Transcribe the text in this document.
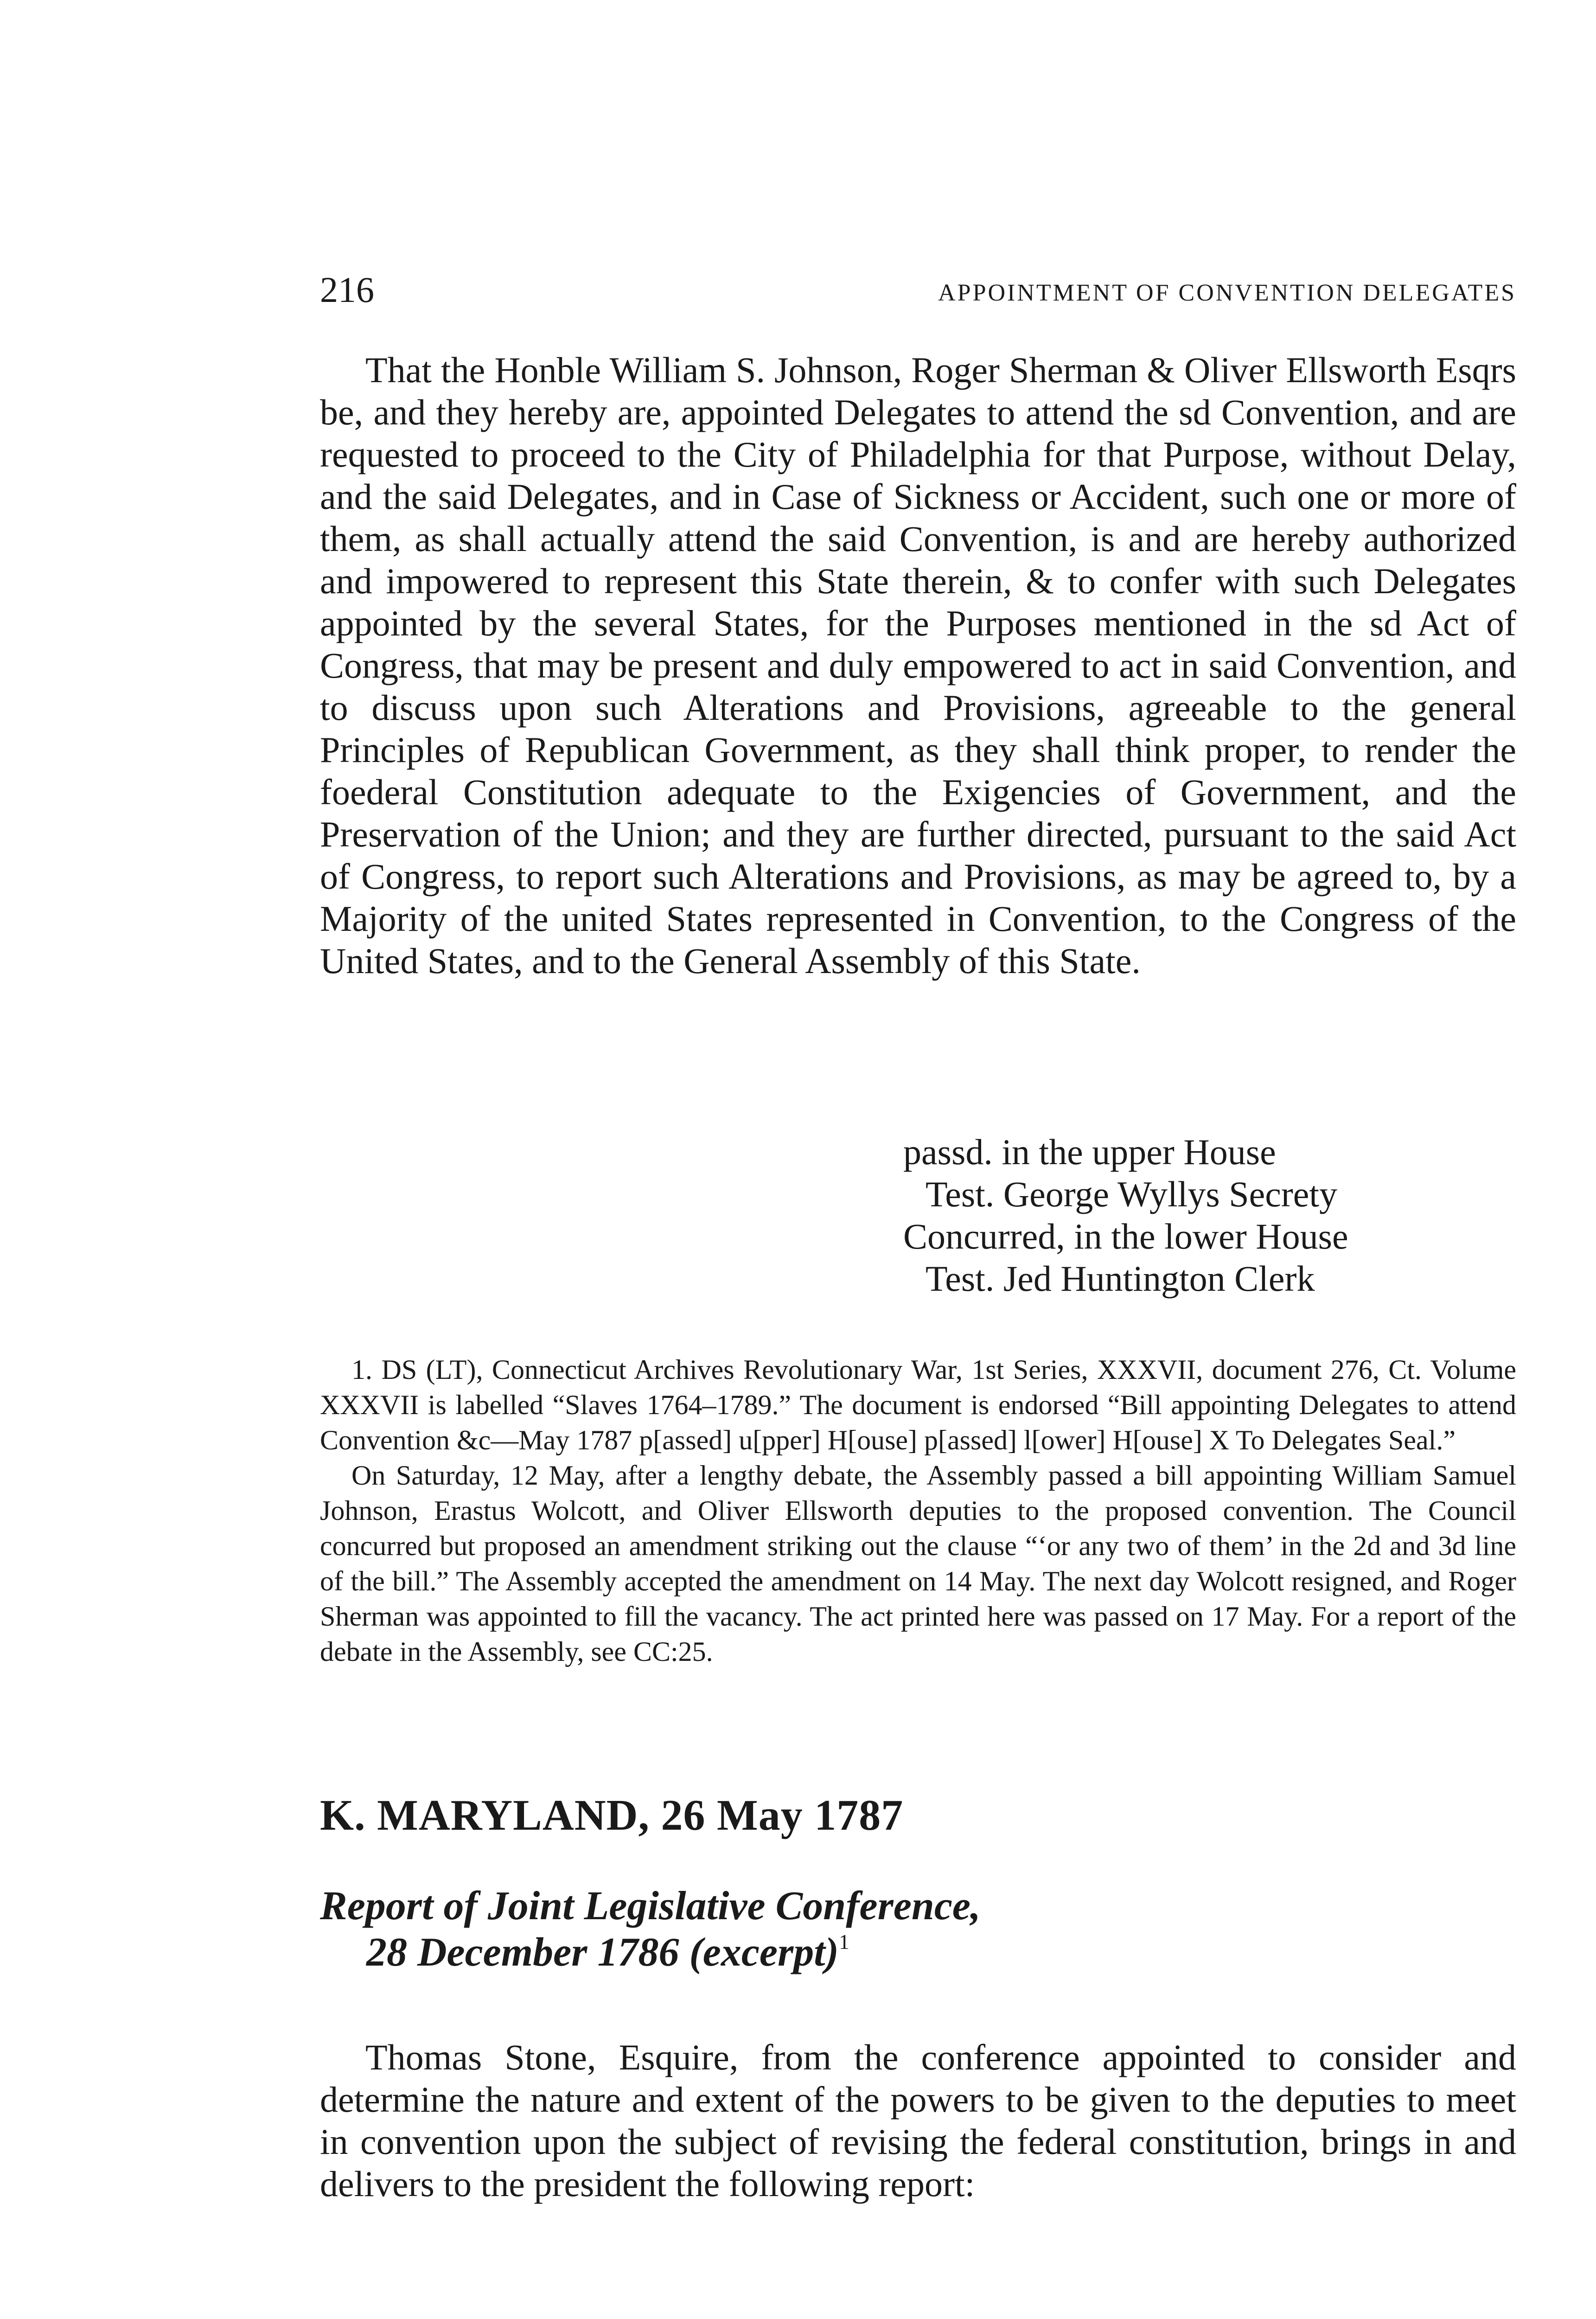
216	APPOINTMENT OF CONVENTION DELEGATES

That the Honble William S. Johnson, Roger Sherman & Oliver Ellsworth Esqrs be, and they hereby are, appointed Delegates to attend the sd Convention, and are requested to proceed to the City of Philadelphia for that Purpose, without Delay, and the said Delegates, and in Case of Sickness or Accident, such one or more of them, as shall actually attend the said Convention, is and are hereby authorized and impowered to represent this State therein, & to confer with such Delegates appointed by the several States, for the Purposes mentioned in the sd Act of Congress, that may be present and duly empowered to act in said Convention, and to discuss upon such Alterations and Provisions, agreeable to the general Principles of Republican Government, as they shall think proper, to render the foederal Constitution adequate to the Exigencies of Government, and the Preservation of the Union; and they are further directed, pursuant to the said Act of Congress, to report such Alterations and Provisions, as may be agreed to, by a Majority of the united States represented in Convention, to the Congress of the United States, and to the General Assembly of this State.

passd. in the upper House
Test. George Wyllys Secrety
Concurred, in the lower House
Test. Jed Huntington Clerk

1. DS (LT), Connecticut Archives Revolutionary War, 1st Series, XXXVII, document 276, Ct. Volume XXXVII is labelled “Slaves 1764–1789.” The document is endorsed “Bill appointing Delegates to attend Convention &c—May 1787 p[assed] u[pper] H[ouse] p[assed] l[ower] H[ouse] X To Delegates Seal.”

On Saturday, 12 May, after a lengthy debate, the Assembly passed a bill appointing William Samuel Johnson, Erastus Wolcott, and Oliver Ellsworth deputies to the proposed convention. The Council concurred but proposed an amendment striking out the clause “‘or any two of them’ in the 2d and 3d line of the bill.” The Assembly accepted the amendment on 14 May. The next day Wolcott resigned, and Roger Sherman was appointed to fill the vacancy. The act printed here was passed on 17 May. For a report of the debate in the Assembly, see CC:25.

K. MARYLAND, 26 May 1787
Report of Joint Legislative Conference,
28 December 1786 (excerpt)$^1$

Thomas Stone, Esquire, from the conference appointed to consider and determine the nature and extent of the powers to be given to the deputies to meet in convention upon the subject of revising the federal constitution, brings in and delivers to the president the following report:
